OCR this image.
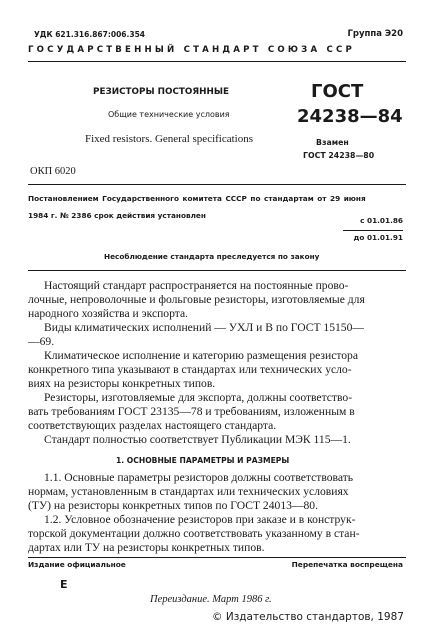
УДК 621.316.867:006.354	Группа Э20
ГОСУДАРСТВЕННЫЙ СТАНДАРТ СОЮЗА ССР
РЕЗИСТОРЫ ПОСТОЯННЫЕ
Общие технические условия
Fixed resistors. General specifications
ГОСТ
24238—84
Взамен
ГОСТ 24238—80
ОКП 6020
Постановлением Государственного комитета СССР по стандартам от 29 июня
1984 г. № 2386 срок действия установлен
с 01.01.86
до 01.01.91
Несоблюдение стандарта преследуется по закону
Настоящий стандарт распространяется на постоянные прово-
лочные, непроволочные и фольговые резисторы, изготовляемые для
народного хозяйства и экспорта.
Виды климатических исполнений — УХЛ и В по ГОСТ 15150—
—69.
Климатическое исполнение и категорию размещения резистора
конкретного типа указывают в стандартах или технических усло-
виях на резисторы конкретных типов.
Резисторы, изготовляемые для экспорта, должны соответство-
вать требованиям ГОСТ 23135—78 и требованиям, изложенным в
соответствующих разделах настоящего стандарта.
Стандарт полностью соответствует Публикации МЭК 115—1.
1. ОСНОВНЫЕ ПАРАМЕТРЫ И РАЗМЕРЫ
1.1. Основные параметры резисторов должны соответствовать
нормам, установленным в стандартах или технических условиях
(ТУ) на резисторы конкретных типов по ГОСТ 24013—80.
1.2. Условное обозначение резисторов при заказе и в конструк-
торской документации должно соответствовать указанному в стан-
дартах или ТУ на резисторы конкретных типов.
Издание официальное	Перепечатка воспрещена
Е
Переиздание. Март 1986 г.
© Издательство стандартов, 1987
